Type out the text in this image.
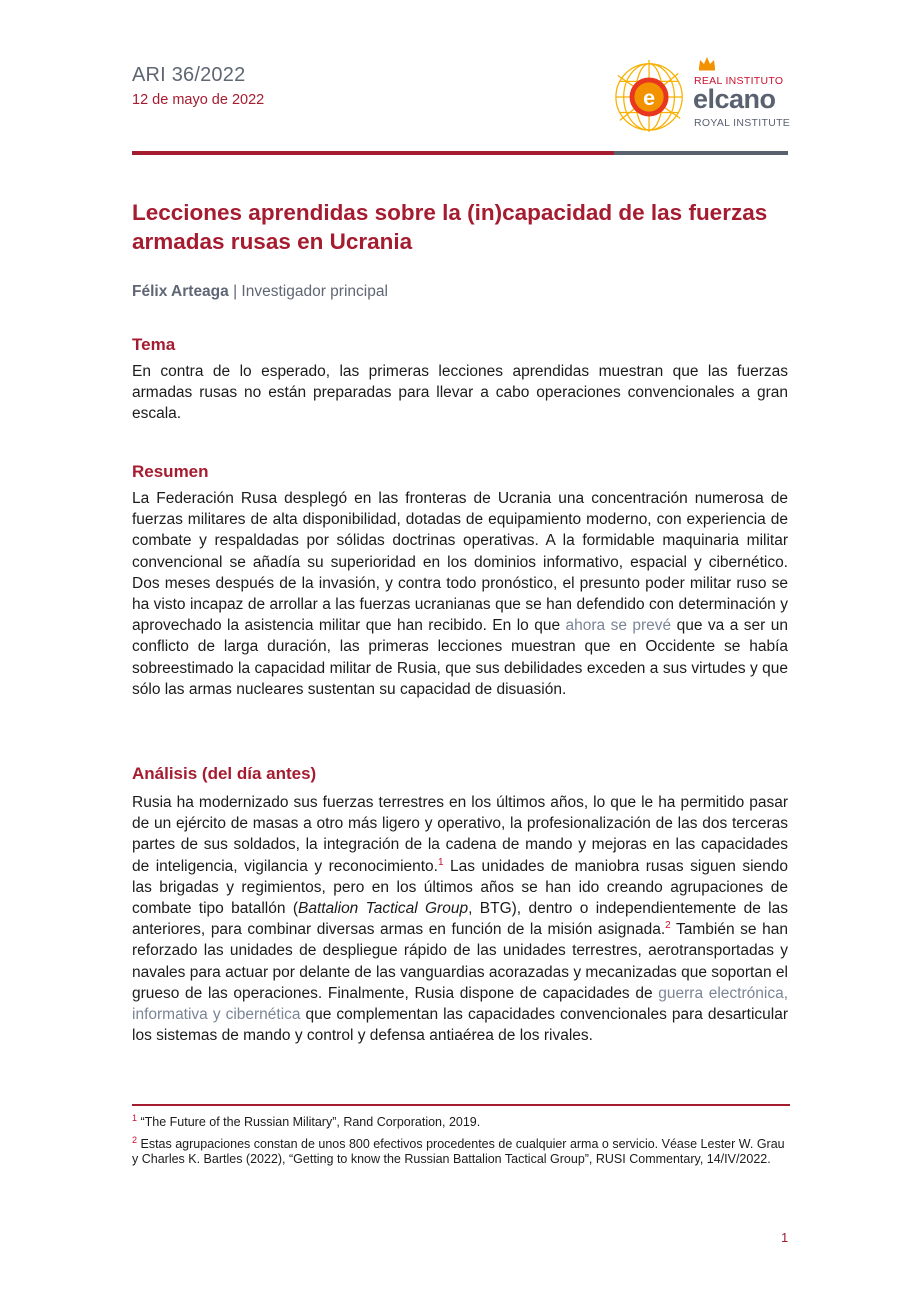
ARI 36/2022
12 de mayo de 2022	e
REAL INSTITUTO
elcano
ROYAL INSTITUTE
Lecciones aprendidas sobre la (in)capacidad de las fuerzas armadas rusas en Ucrania
Félix Arteaga | Investigador principal
Tema

En contra de lo esperado, las primeras lecciones aprendidas muestran que las fuerzas armadas rusas no están preparadas para llevar a cabo operaciones convencionales a gran escala.

Resumen

La Federación Rusa desplegó en las fronteras de Ucrania una concentración numerosa de fuerzas militares de alta disponibilidad, dotadas de equipamiento moderno, con experiencia de combate y respaldadas por sólidas doctrinas operativas. A la formidable maquinaria militar convencional se añadía su superioridad en los dominios informativo, espacial y cibernético. Dos meses después de la invasión, y contra todo pronóstico, el presunto poder militar ruso se ha visto incapaz de arrollar a las fuerzas ucranianas que se han defendido con determinación y aprovechado la asistencia militar que han recibido. En lo que ahora se prevé que va a ser un conflicto de larga duración, las primeras lecciones muestran que en Occidente se había sobreestimado la capacidad militar de Rusia, que sus debilidades exceden a sus virtudes y que sólo las armas nucleares sustentan su capacidad de disuasión.

Análisis (del día antes)

Rusia ha modernizado sus fuerzas terrestres en los últimos años, lo que le ha permitido pasar de un ejército de masas a otro más ligero y operativo, la profesionalización de las dos terceras partes de sus soldados, la integración de la cadena de mando y mejoras en las capacidades de inteligencia, vigilancia y reconocimiento.$^1$ Las unidades de maniobra rusas siguen siendo las brigadas y regimientos, pero en los últimos años se han ido creando agrupaciones de combate tipo batallón (Battalion Tactical Group, BTG), dentro o independientemente de las anteriores, para combinar diversas armas en función de la misión asignada.$^2$ También se han reforzado las unidades de despliegue rápido de las unidades terrestres, aerotransportadas y navales para actuar por delante de las vanguardias acorazadas y mecanizadas que soportan el grueso de las operaciones. Finalmente, Rusia dispone de capacidades de guerra electrónica, informativa y cibernética que complementan las capacidades convencionales para desarticular los sistemas de mando y control y defensa antiaérea de los rivales.

$^1$ “The Future of the Russian Military”, Rand Corporation, 2019.
$^2$ Estas agrupaciones constan de unos 800 efectivos procedentes de cualquier arma o servicio. Véase Lester W. Grau y Charles K. Bartles (2022), “Getting to know the Russian Battalion Tactical Group”, RUSI Commentary, 14/IV/2022.
1
